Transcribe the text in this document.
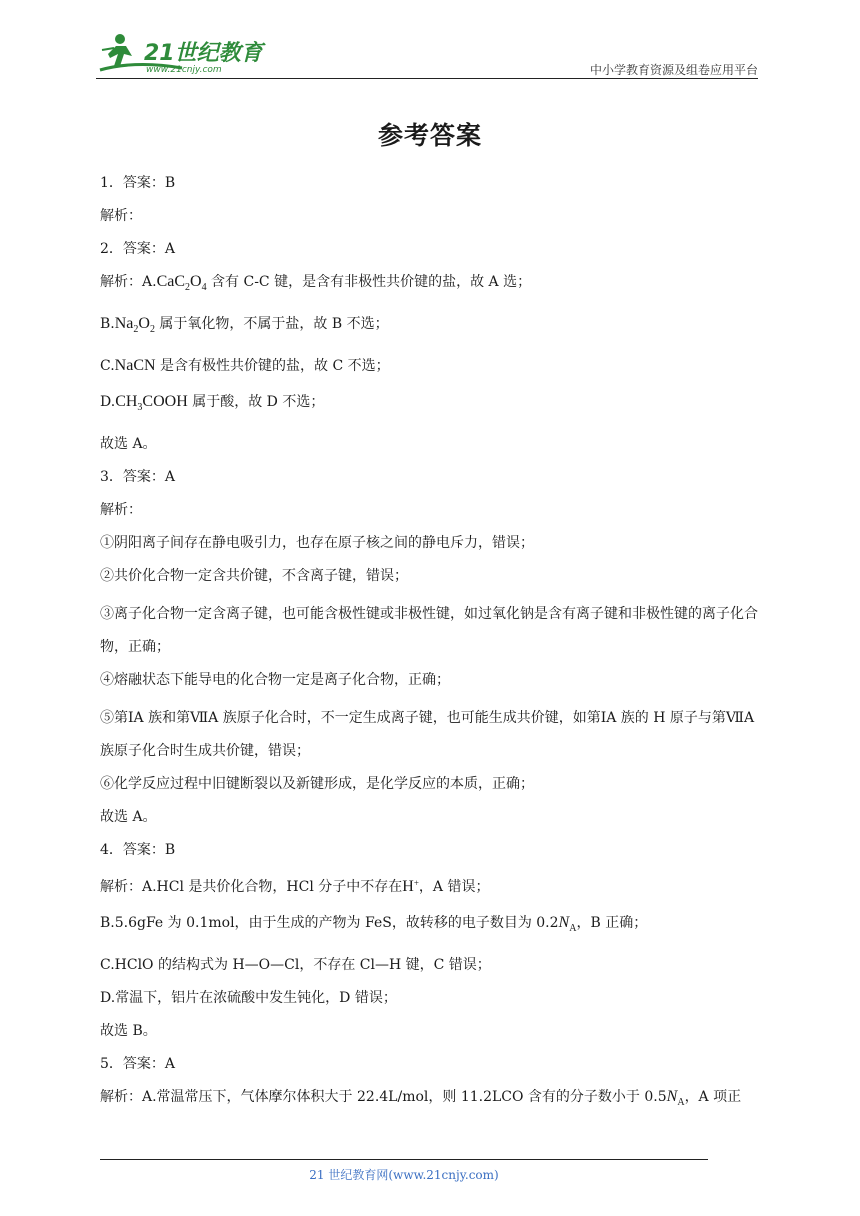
21世纪教育
www.21cnjy.com	中小学教育资源及组卷应用平台
参考答案

1．答案：B

解析：

2．答案：A

解析：$A.CaC_2O_4$ 含有 C-C 键，是含有非极性共价键的盐，故 A 选；

$B.Na_2O_2$ 属于氧化物，不属于盐，故 B 不选；

C.NaCN 是含有极性共价键的盐，故 C 不选；

$D.CH_3COOH$ 属于酸，故 D 不选；

故选 A。

3．答案：A

解析：

①阴阳离子间存在静电吸引力，也存在原子核之间的静电斥力，错误；

②共价化合物一定含共价键，不含离子键，错误；

③离子化合物一定含离子键，也可能含极性键或非极性键，如过氧化钠是含有离子键和非极性键的离子化合物，正确；

④熔融状态下能导电的化合物一定是离子化合物，正确；

⑤第ⅠA 族和第ⅦA 族原子化合时，不一定生成离子键，也可能生成共价键，如第ⅠA 族的 H 原子与第ⅦA 族原子化合时生成共价键，错误；

⑥化学反应过程中旧键断裂以及新键形成，是化学反应的本质，正确；

故选 A。

4．答案：B

解析：A.HCl 是共价化合物，HCl 分子中不存在H+，A 错误；

B.5.6gFe 为 0.1mol，由于生成的产物为 FeS，故转移的电子数目为 $0.2N_A$，B 正确；

C.HClO 的结构式为 H—O—Cl，不存在 Cl—H 键，C 错误；

D.常温下，铝片在浓硫酸中发生钝化，D 错误；

故选 B。

5．答案：A

解析：A.常温常压下，气体摩尔体积大于 22.4L/mol，则 11.2LCO 含有的分子数小于 $0.5N_A$，A 项正

21 世纪教育网(www.21cnjy.com)
